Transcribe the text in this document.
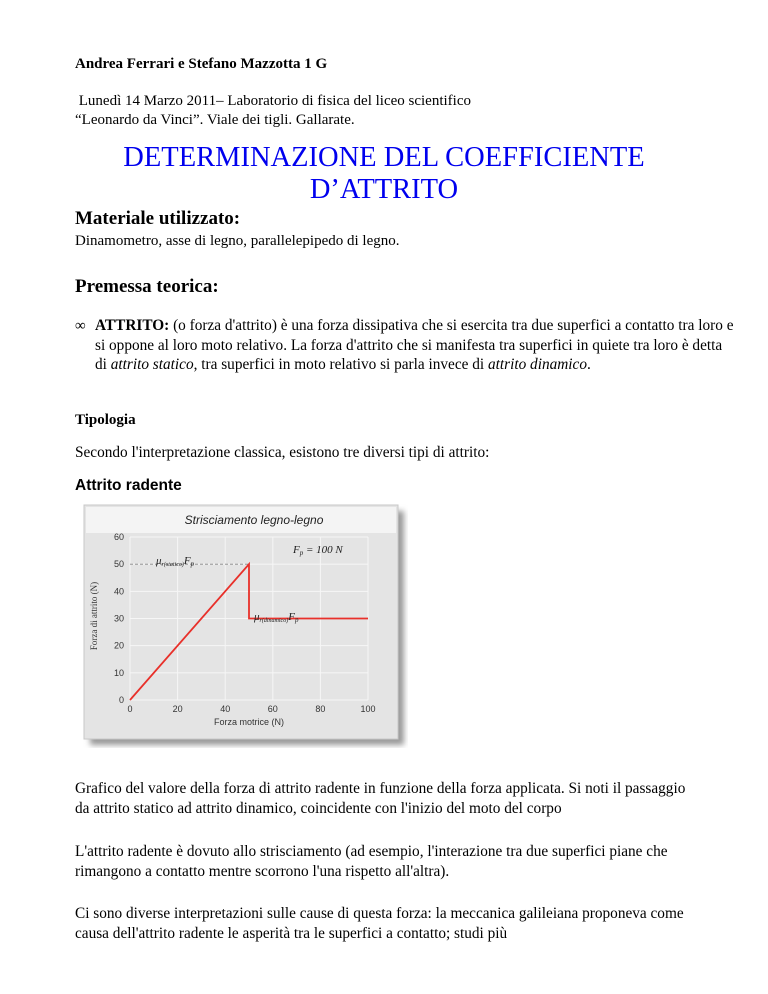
Andrea Ferrari e Stefano Mazzotta 1 G
Lunedì 14 Marzo 2011– Laboratorio di fisica del liceo scientifico
“Leonardo da Vinci”. Viale dei tigli. Gallarate.
DETERMINAZIONE DEL COEFFICIENTE D’ATTRITO
Materiale utilizzato:
Dinamometro, asse di legno, parallelepipedo di legno.
Premessa teorica:
∞ ATTRITO: (o forza d'attrito) è una forza dissipativa che si esercita tra due superfici a contatto tra loro e si oppone al loro moto relativo. La forza d'attrito che si manifesta tra superfici in quiete tra loro è detta di attrito statico, tra superfici in moto relativo si parla invece di attrito dinamico.
Tipologia
Secondo l'interpretazione classica, esistono tre diversi tipi di attrito:
Attrito radente
Strisciamento legno-legno
0
10
20
30
40
50
60
0	20	40	60	80	100
μr(statico)Fp
μr(dinamico)Fp
Fp = 100 N
Forza motrice (N)
Forza di attrito (N)

Grafico del valore della forza di attrito radente in funzione della forza applicata. Si noti il passaggio da attrito statico ad attrito dinamico, coincidente con l'inizio del moto del corpo

L'attrito radente è dovuto allo strisciamento (ad esempio, l'interazione tra due superfici piane che rimangono a contatto mentre scorrono l'una rispetto all'altra).

Ci sono diverse interpretazioni sulle cause di questa forza: la meccanica galileiana proponeva come causa dell'attrito radente le asperità tra le superfici a contatto; studi più
